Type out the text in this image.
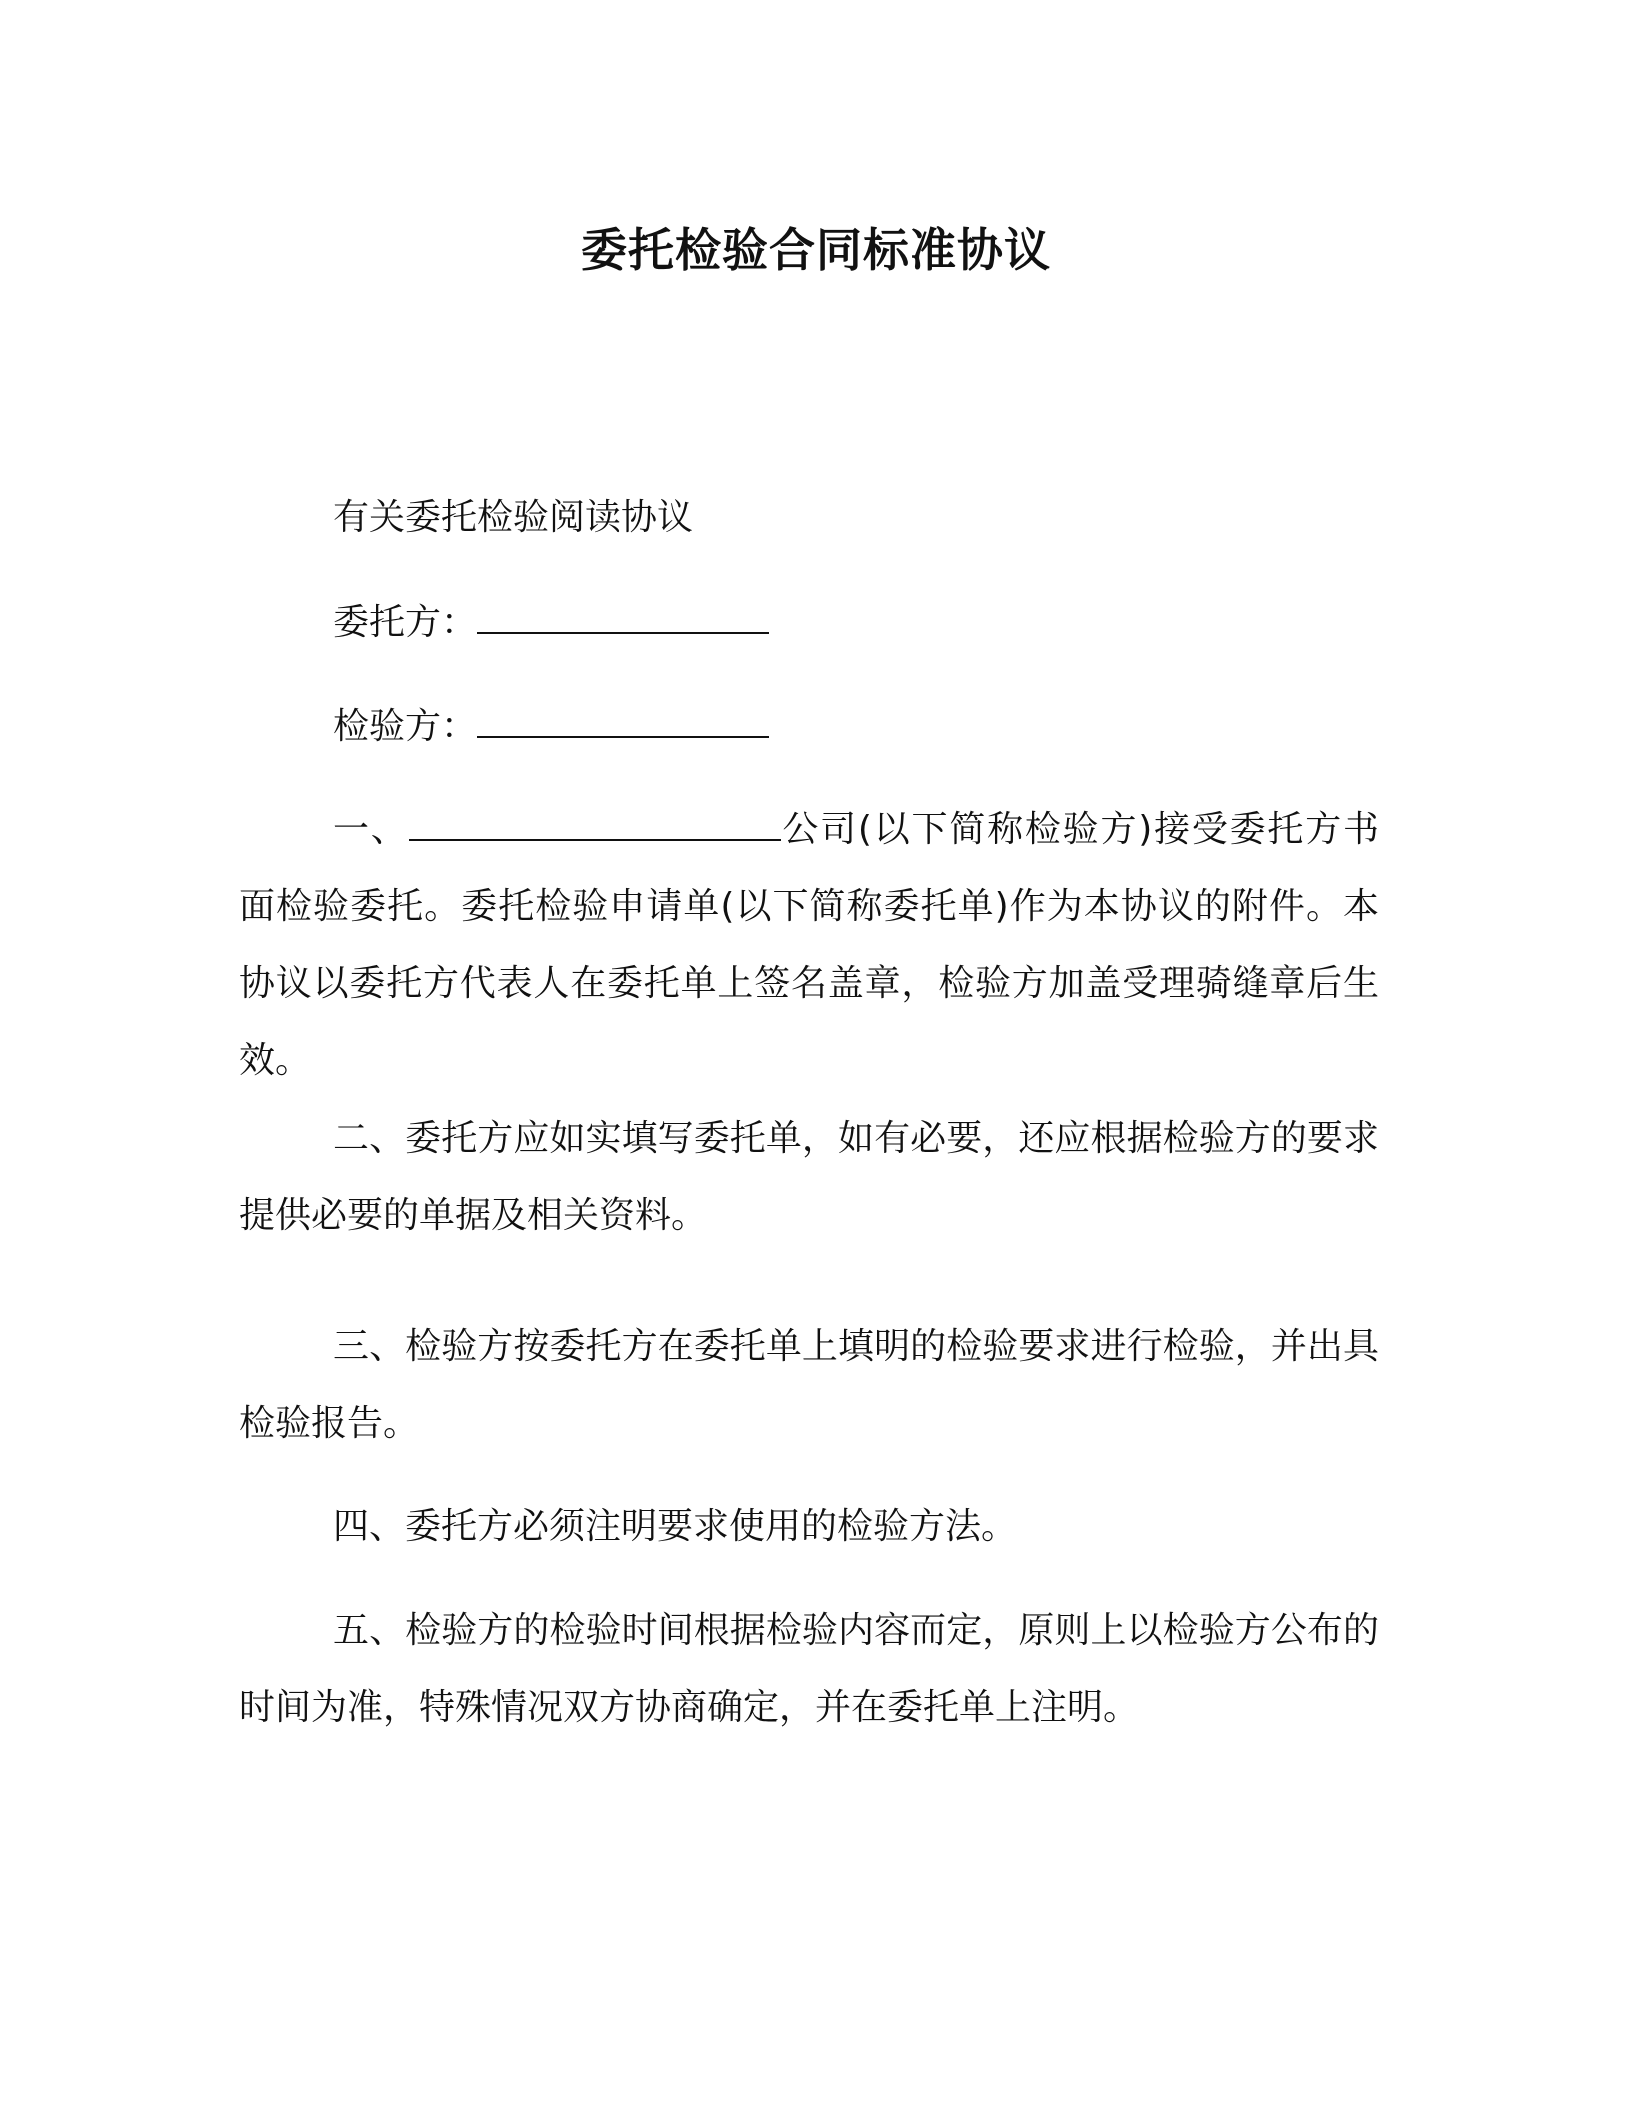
委托检验合同标准协议
有关委托检验阅读协议
委托方：
检验方：
一、	公司(以下简称检验方)接受委托方书面检验委托。委托检验申请单(以下简称委托单)作为本协议的附件。本协议以委托方代表人在委托单上签名盖章，检验方加盖受理骑缝章后生效。
二、委托方应如实填写委托单，如有必要，还应根据检验方的要求提供必要的单据及相关资料。
三、检验方按委托方在委托单上填明的检验要求进行检验，并出具检验报告。
四、委托方必须注明要求使用的检验方法。
五、检验方的检验时间根据检验内容而定，原则上以检验方公布的时间为准，特殊情况双方协商确定，并在委托单上注明。
